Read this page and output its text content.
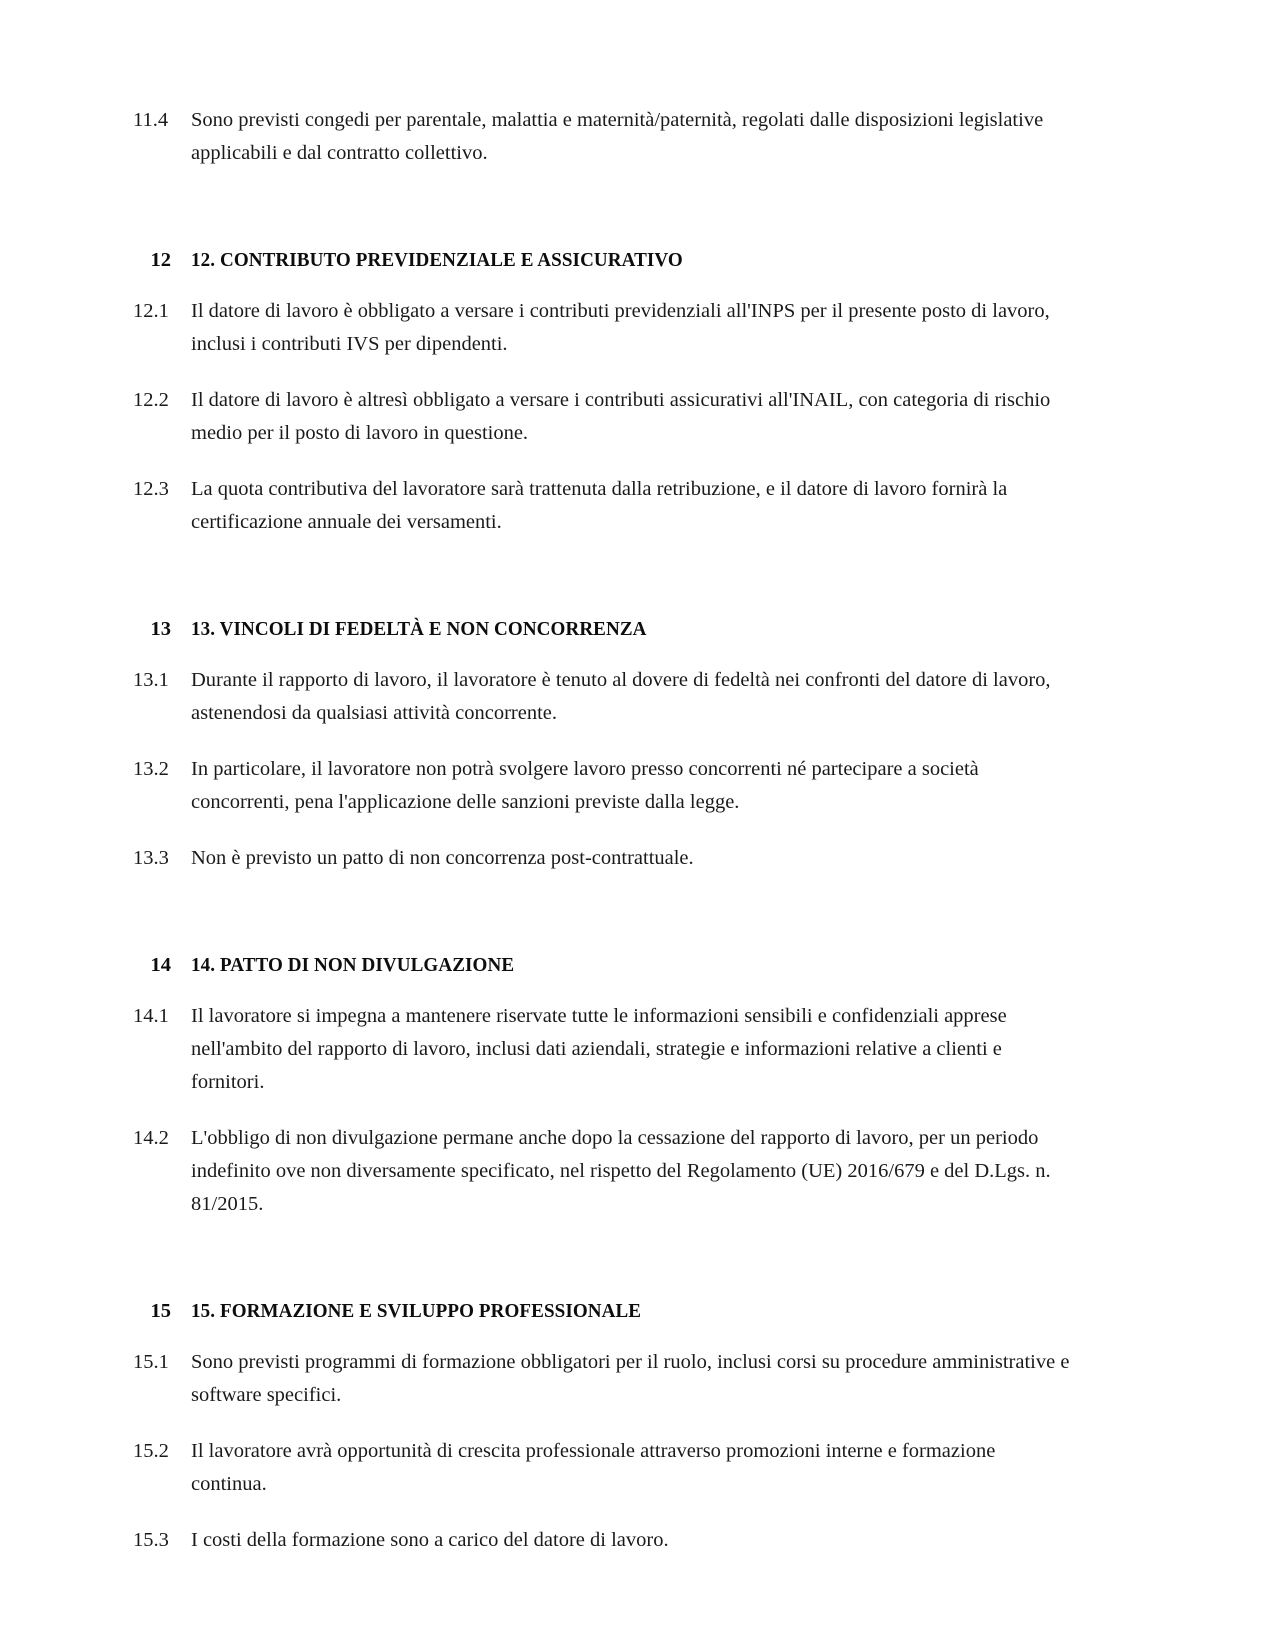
11.4	Sono previsti congedi per parentale, malattia e maternità/paternità, regolati dalle disposizioni legislative applicabili e dal contratto collettivo.
12 12. CONTRIBUTO PREVIDENZIALE E ASSICURATIVO
12.1	Il datore di lavoro è obbligato a versare i contributi previdenziali all'INPS per il presente posto di lavoro, inclusi i contributi IVS per dipendenti.
12.2	Il datore di lavoro è altresì obbligato a versare i contributi assicurativi all'INAIL, con categoria di rischio medio per il posto di lavoro in questione.
12.3	La quota contributiva del lavoratore sarà trattenuta dalla retribuzione, e il datore di lavoro fornirà la certificazione annuale dei versamenti.
13 13. VINCOLI DI FEDELTÀ E NON CONCORRENZA
13.1	Durante il rapporto di lavoro, il lavoratore è tenuto al dovere di fedeltà nei confronti del datore di lavoro, astenendosi da qualsiasi attività concorrente.
13.2	In particolare, il lavoratore non potrà svolgere lavoro presso concorrenti né partecipare a società concorrenti, pena l'applicazione delle sanzioni previste dalla legge.
13.3	Non è previsto un patto di non concorrenza post-contrattuale.
14 14. PATTO DI NON DIVULGAZIONE
14.1	Il lavoratore si impegna a mantenere riservate tutte le informazioni sensibili e confidenziali apprese nell'ambito del rapporto di lavoro, inclusi dati aziendali, strategie e informazioni relative a clienti e fornitori.
14.2	L'obbligo di non divulgazione permane anche dopo la cessazione del rapporto di lavoro, per un periodo indefinito ove non diversamente specificato, nel rispetto del Regolamento (UE) 2016/679 e del D.Lgs. n. 81/2015.
15 15. FORMAZIONE E SVILUPPO PROFESSIONALE
15.1	Sono previsti programmi di formazione obbligatori per il ruolo, inclusi corsi su procedure amministrative e software specifici.
15.2	Il lavoratore avrà opportunità di crescita professionale attraverso promozioni interne e formazione continua.
15.3	I costi della formazione sono a carico del datore di lavoro.
